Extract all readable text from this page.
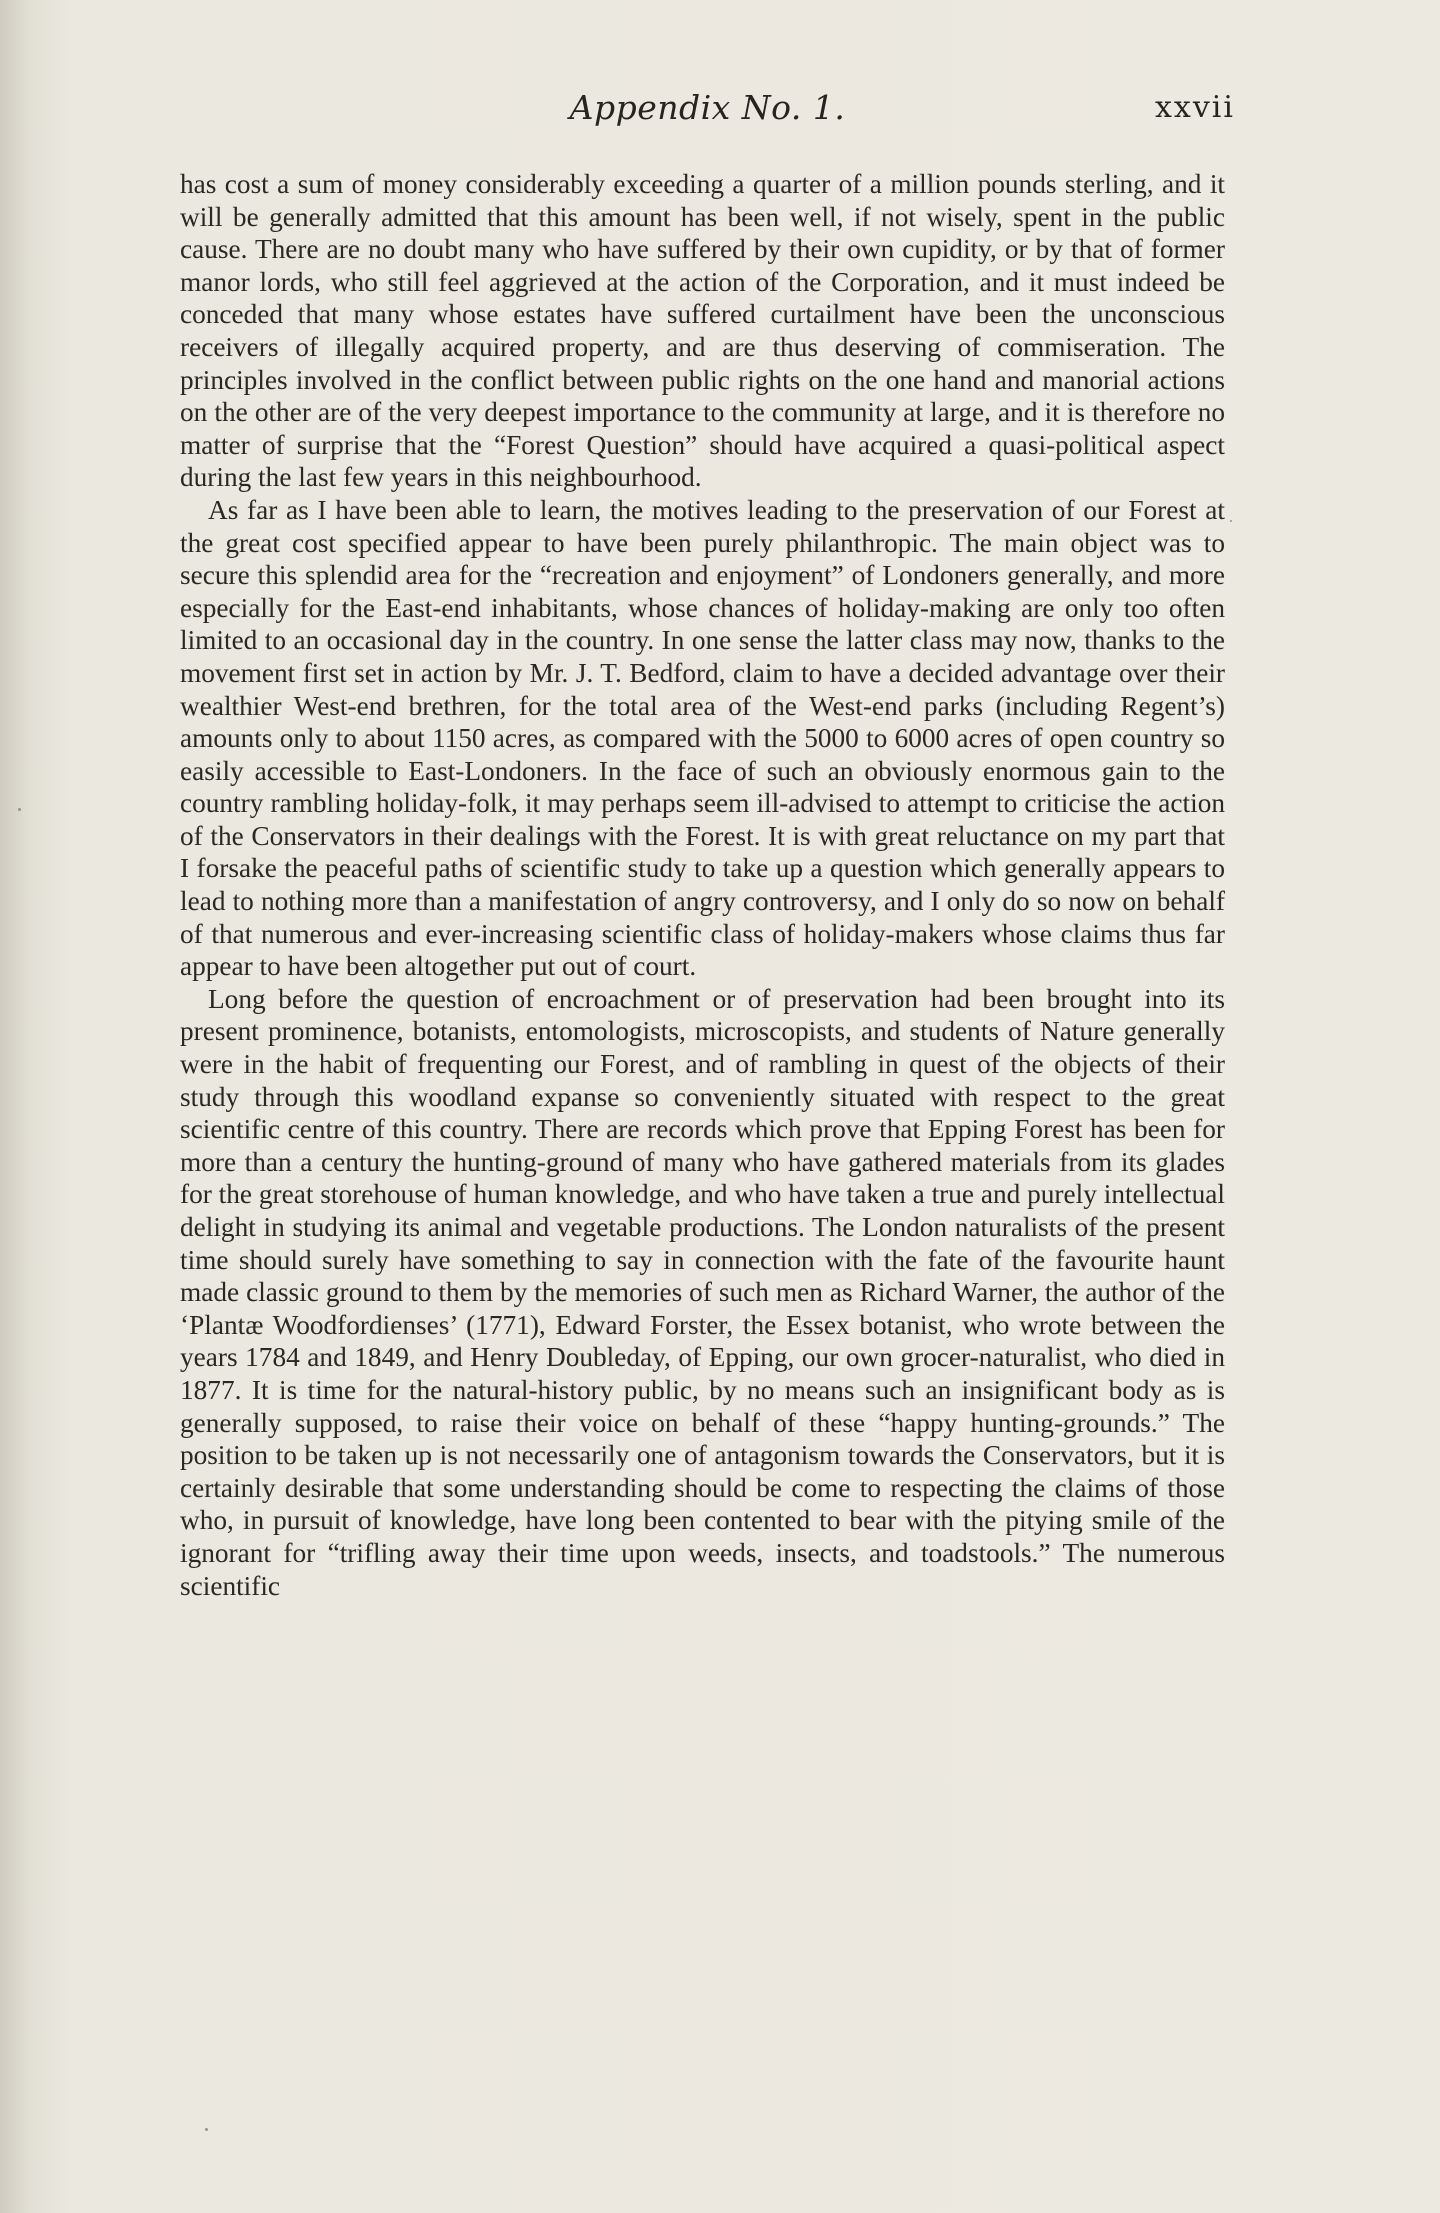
Appendix No. 1.	xxvii

has cost a sum of money considerably exceeding a quarter of a million pounds sterling, and it will be generally admitted that this amount has been well, if not wisely, spent in the public cause. There are no doubt many who have suffered by their own cupidity, or by that of former manor lords, who still feel aggrieved at the action of the Corporation, and it must indeed be conceded that many whose estates have suffered curtailment have been the unconscious receivers of illegally acquired property, and are thus deserving of commiseration. The principles involved in the conflict between public rights on the one hand and manorial actions on the other are of the very deepest importance to the community at large, and it is therefore no matter of surprise that the “Forest Question” should have acquired a quasi-political aspect during the last few years in this neighbourhood.

As far as I have been able to learn, the motives leading to the preservation of our Forest at the great cost specified appear to have been purely philanthropic. The main object was to secure this splendid area for the “recreation and enjoyment” of Londoners generally, and more especially for the East-end inhabitants, whose chances of holiday-making are only too often limited to an occasional day in the country. In one sense the latter class may now, thanks to the movement first set in action by Mr. J. T. Bedford, claim to have a decided advantage over their wealthier West-end brethren, for the total area of the West-end parks (including Regent’s) amounts only to about 1150 acres, as compared with the 5000 to 6000 acres of open country so easily accessible to East-Londoners. In the face of such an obviously enormous gain to the country rambling holiday-folk, it may perhaps seem ill-advised to attempt to criticise the action of the Conservators in their dealings with the Forest. It is with great reluctance on my part that I forsake the peaceful paths of scientific study to take up a question which generally appears to lead to nothing more than a manifestation of angry controversy, and I only do so now on behalf of that numerous and ever-increasing scientific class of holiday-makers whose claims thus far appear to have been altogether put out of court.

Long before the question of encroachment or of preservation had been brought into its present prominence, botanists, entomologists, microscopists, and students of Nature generally were in the habit of frequenting our Forest, and of rambling in quest of the objects of their study through this woodland expanse so conveniently situated with respect to the great scientific centre of this country. There are records which prove that Epping Forest has been for more than a century the hunting-ground of many who have gathered materials from its glades for the great storehouse of human knowledge, and who have taken a true and purely intellectual delight in studying its animal and vegetable productions. The London naturalists of the present time should surely have something to say in connection with the fate of the favourite haunt made classic ground to them by the memories of such men as Richard Warner, the author of the ‘Plantæ Woodfordienses’ (1771), Edward Forster, the Essex botanist, who wrote between the years 1784 and 1849, and Henry Doubleday, of Epping, our own grocer-naturalist, who died in 1877. It is time for the natural-history public, by no means such an insignificant body as is generally supposed, to raise their voice on behalf of these “happy hunting-grounds.” The position to be taken up is not necessarily one of antagonism towards the Conservators, but it is certainly desirable that some understanding should be come to respecting the claims of those who, in pursuit of knowledge, have long been contented to bear with the pitying smile of the ignorant for “trifling away their time upon weeds, insects, and toadstools.” The numerous scientific
